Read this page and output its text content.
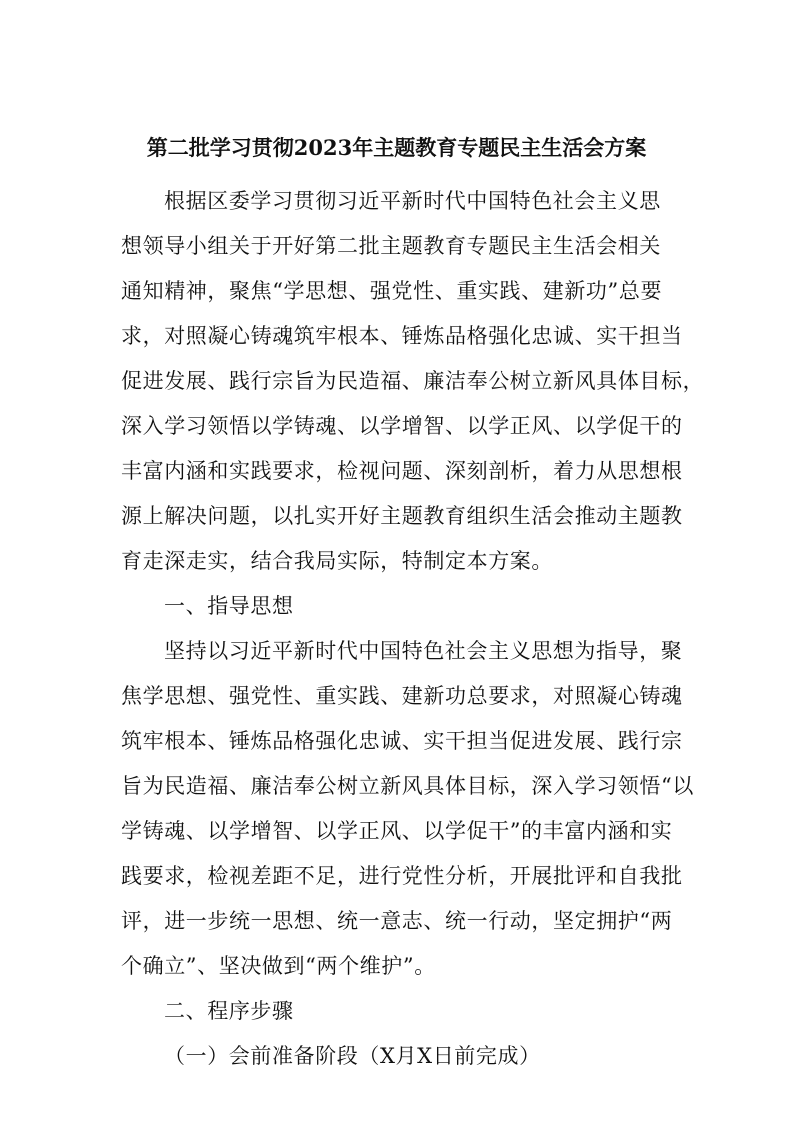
第二批学习贯彻2023年主题教育专题民主生活会方案
根据区委学习贯彻习近平新时代中国特色社会主义思
想领导小组关于开好第二批主题教育专题民主生活会相关
通知精神，聚焦“学思想、强党性、重实践、建新功”总要
求，对照凝心铸魂筑牢根本、锤炼品格强化忠诚、实干担当
促进发展、践行宗旨为民造福、廉洁奉公树立新风具体目标，
深入学习领悟以学铸魂、以学增智、以学正风、以学促干的
丰富内涵和实践要求，检视问题、深刻剖析，着力从思想根
源上解决问题，以扎实开好主题教育组织生活会推动主题教
育走深走实，结合我局实际，特制定本方案。
一、指导思想
坚持以习近平新时代中国特色社会主义思想为指导，聚
焦学思想、强党性、重实践、建新功总要求，对照凝心铸魂
筑牢根本、锤炼品格强化忠诚、实干担当促进发展、践行宗
旨为民造福、廉洁奉公树立新风具体目标，深入学习领悟“以
学铸魂、以学增智、以学正风、以学促干”的丰富内涵和实
践要求，检视差距不足，进行党性分析，开展批评和自我批
评，进一步统一思想、统一意志、统一行动，坚定拥护“两
个确立”、坚决做到“两个维护”。
二、程序步骤
（一）会前准备阶段（X月X日前完成）
